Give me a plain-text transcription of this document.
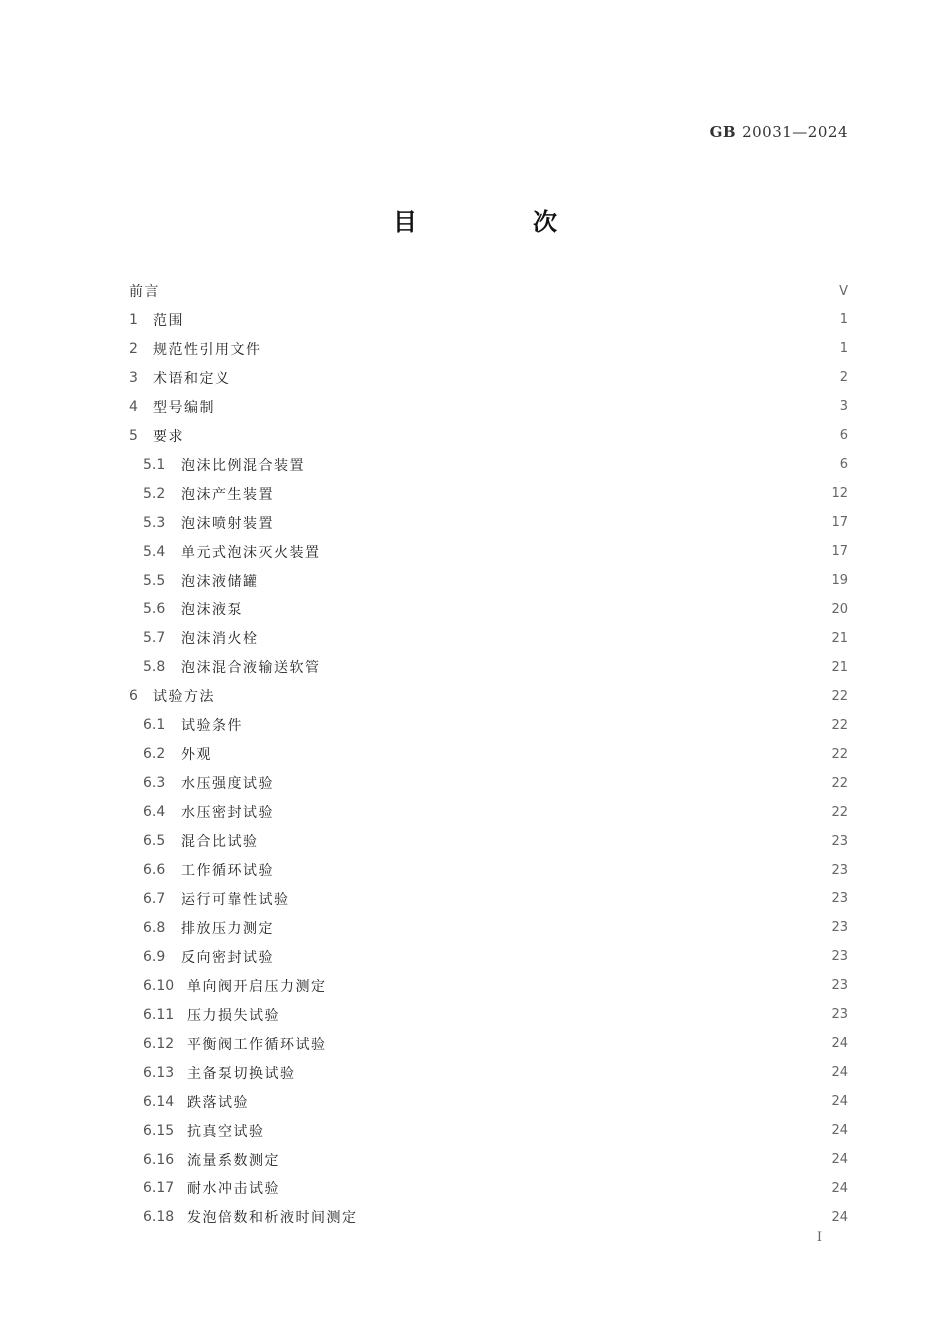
GB 20031—2024
目　次
前言	V
1	范围	1
2	规范性引用文件	1
3	术语和定义	2
4	型号编制	3
5	要求	6
5.1	泡沫比例混合装置	6
5.2	泡沫产生装置	12
5.3	泡沫喷射装置	17
5.4	单元式泡沫灭火装置	17
5.5	泡沫液储罐	19
5.6	泡沫液泵	20
5.7	泡沫消火栓	21
5.8	泡沫混合液输送软管	21
6	试验方法	22
6.1	试验条件	22
6.2	外观	22
6.3	水压强度试验	22
6.4	水压密封试验	22
6.5	混合比试验	23
6.6	工作循环试验	23
6.7	运行可靠性试验	23
6.8	排放压力测定	23
6.9	反向密封试验	23
6.10 单向阀开启压力测定	23
6.11 压力损失试验	23
6.12 平衡阀工作循环试验	24
6.13 主备泵切换试验	24
6.14 跌落试验	24
6.15 抗真空试验	24
6.16 流量系数测定	24
6.17 耐水冲击试验	24
6.18 发泡倍数和析液时间测定	24
I
